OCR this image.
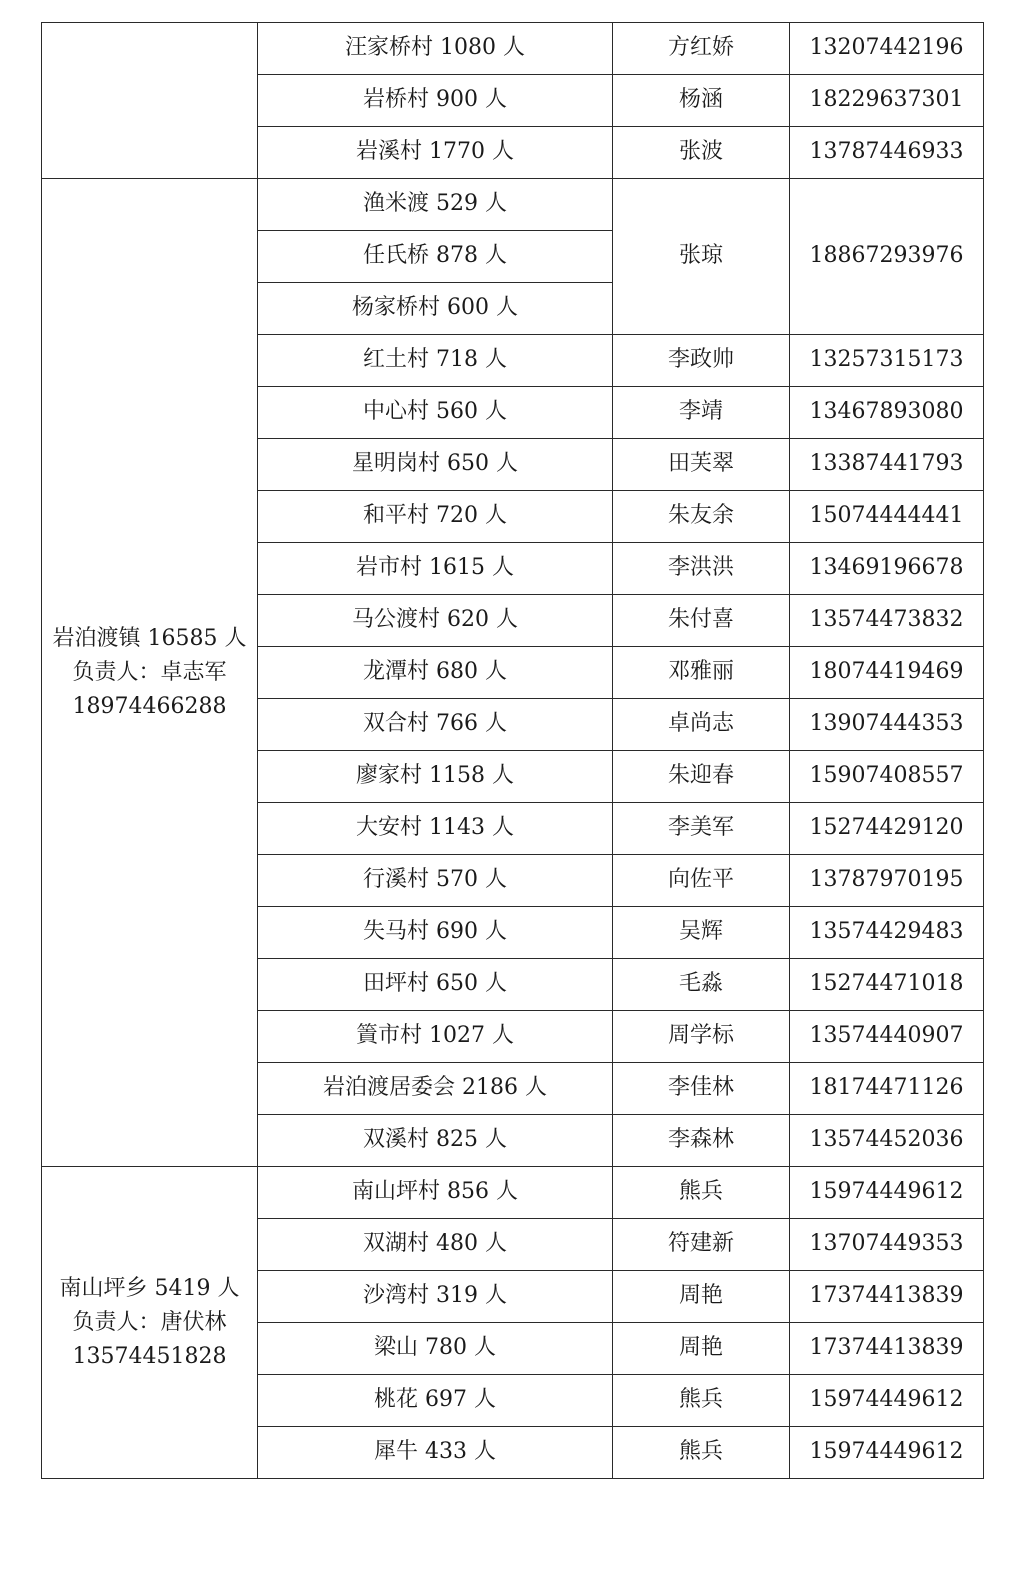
	汪家桥村 1080 人	方红娇	13207442196
	岩桥村 900 人	杨涵	18229637301
	岩溪村 1770 人	张波	13787446933

岩泊渡镇 16585 人
负责人：卓志军
18974466288	渔米渡 529 人	张琼	18867293976
	任氏桥 878 人		
	杨家桥村 600 人		
	红土村 718 人	李政帅	13257315173
	中心村 560 人	李靖	13467893080
	星明岗村 650 人	田芙翠	13387441793
	和平村 720 人	朱友余	15074444441
	岩市村 1615 人	李洪洪	13469196678
	马公渡村 620 人	朱付喜	13574473832
	龙潭村 680 人	邓雅丽	18074419469
	双合村 766 人	卓尚志	13907444353
	廖家村 1158 人	朱迎春	15907408557
	大安村 1143 人	李美军	15274429120
	行溪村 570 人	向佐平	13787970195
	失马村 690 人	吴辉	13574429483
	田坪村 650 人	毛淼	15274471018
	篢市村 1027 人	周学标	13574440907
	岩泊渡居委会 2186 人	李佳林	18174471126
	双溪村 825 人	李森林	13574452036

南山坪乡 5419 人
负责人：唐伏林
13574451828	南山坪村 856 人	熊兵	15974449612
	双湖村 480 人	符建新	13707449353
	沙湾村 319 人	周艳	17374413839
	梁山 780 人	周艳	17374413839
	桃花 697 人	熊兵	15974449612
	犀牛 433 人	熊兵	15974449612
